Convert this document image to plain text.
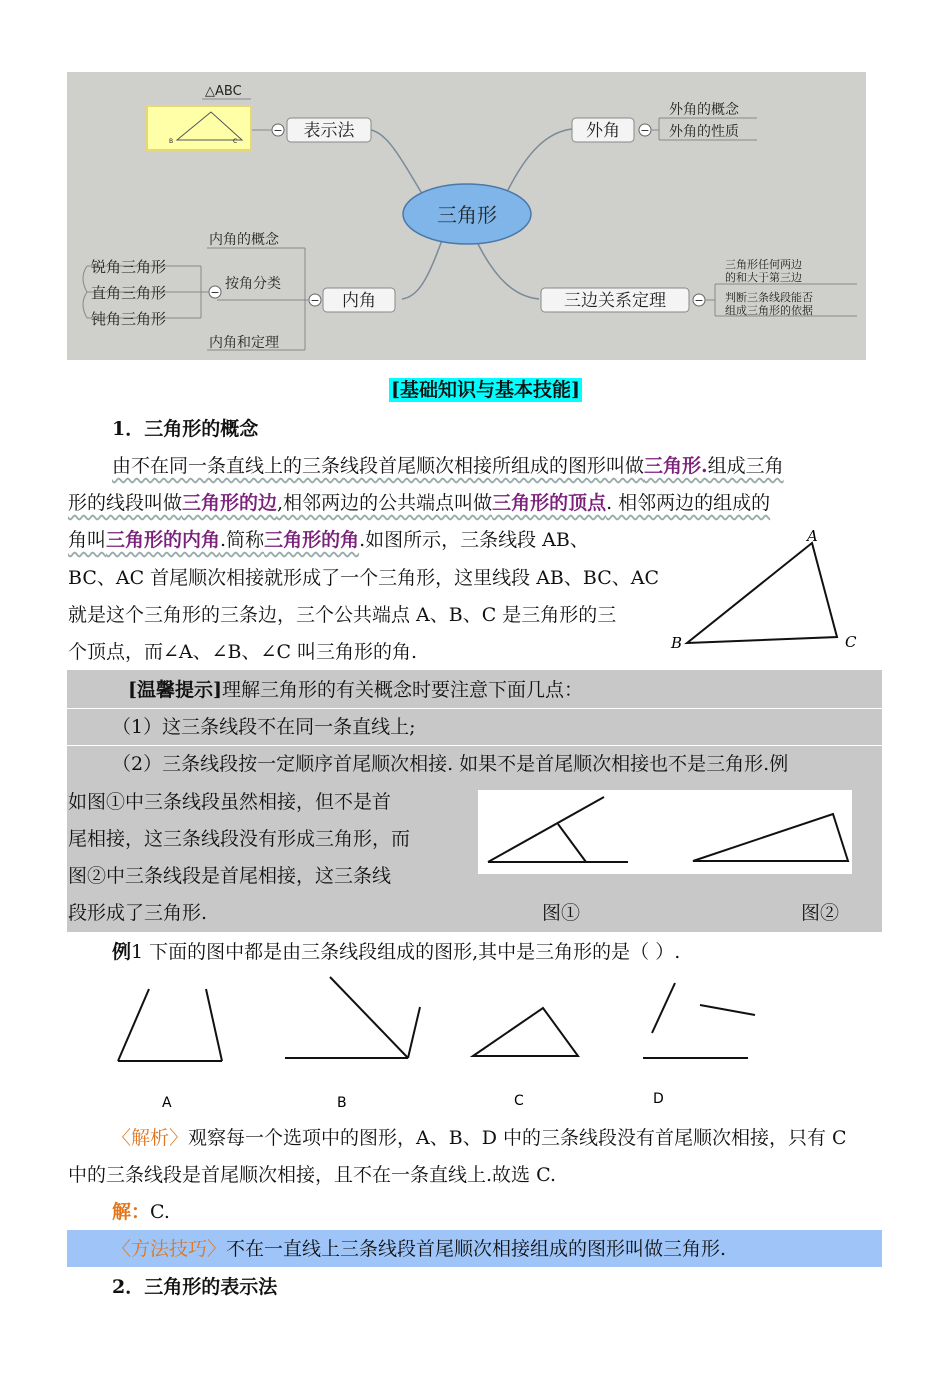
三角形
表示法
−
B	C
△ABC
外角 −
外角的概念
外角的性质
内角
−
内角的概念
按角分类
内角和定理
−
锐角三角形
直角三角形
钝角三角形
三边关系定理	−
三角形任何两边
的和大于第三边
判断三条线段能否
组成三角形的依据
[基础知识与基本技能]
1．三角形的概念
由不在同一条直线上的三条线段首尾顺次相接所组成的图形叫做三角形.组成三角
形的线段叫做三角形的边,相邻两边的公共端点叫做三角形的顶点. 相邻两边的组成的
角叫三角形的内角.简称三角形的角.如图所示，三条线段 AB、
BC、AC 首尾顺次相接就形成了一个三角形，这里线段 AB、BC、AC
就是这个三角形的三条边，三个公共端点 A、B、C 是三角形的三
个顶点，而∠A、∠B、∠C 叫三角形的角.
A
B	C
[温馨提示]理解三角形的有关概念时要注意下面几点：
（1）这三条线段不在同一条直线上;
（2）三条线段按一定顺序首尾顺次相接. 如果不是首尾顺次相接也不是三角形.例
如图①中三条线段虽然相接，但不是首
尾相接，这三条线段没有形成三角形，而
图②中三条线段是首尾相接，这三条线
段形成了三角形.	图①	图②
例1 下面的图中都是由三条线段组成的图形,其中是三角形的是（ ）.
A	B	C	D
〈解析〉观察每一个选项中的图形，A、B、D 中的三条线段没有首尾顺次相接，只有 C
中的三条线段是首尾顺次相接，且不在一条直线上.故选 C.
解：C.
〈方法技巧〉不在一直线上三条线段首尾顺次相接组成的图形叫做三角形.
2．三角形的表示法
